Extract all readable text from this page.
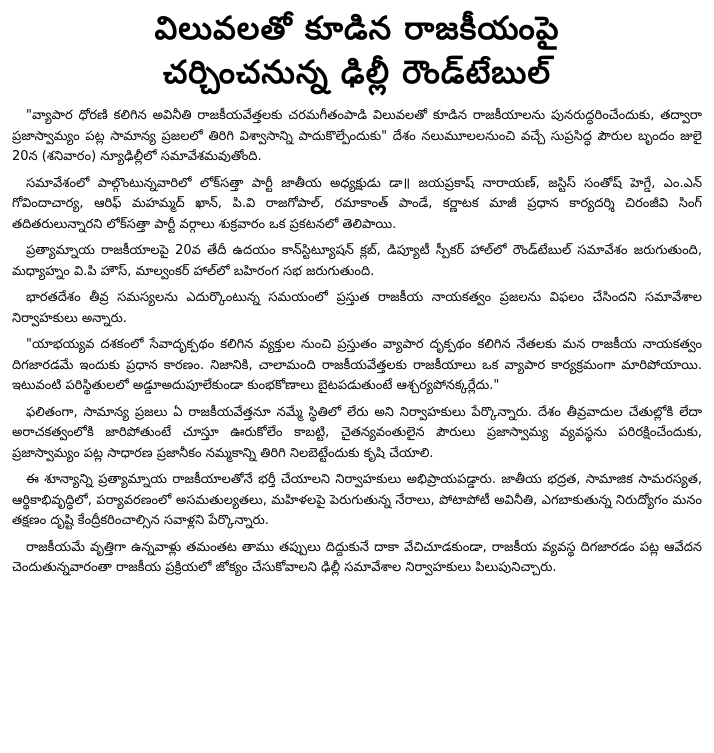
విలువలతో కూడిన రాజకీయంపై
చర్చించనున్న ఢిల్లీ రౌండ్‌టేబుల్

"వ్యాపార ధోరణి కలిగిన అవినీతి రాజకీయవేత్తలకు చరమగీతంపాడి విలువలతో కూడిన రాజకీయాలను పునరుద్ధరించేందుకు, తద్వారా ప్రజాస్వామ్యం పట్ల సామాన్య ప్రజలలో తిరిగి విశ్వాసాన్ని పాదుకొల్పేందుకు" దేశం నలుమూలలనుంచి వచ్చే సుప్రసిద్ధ పౌరుల బృందం జులై 20న (శనివారం) న్యూఢిల్లీలో సమావేశమవుతోంది.

సమావేశంలో పాల్గొంటున్నవారిలో లోక్‌సత్తా పార్టీ జాతీయ అధ్యక్షుడు డా॥ జయప్రకాష్ నారాయణ్, జస్టిస్ సంతోష్ హెగ్డే, ఎం.ఎన్ గోవిందాచార్య, ఆరిఫ్ మహమ్మద్ ఖాన్, పి.వి రాజగోపాల్, రమాకాంత్ పాండే, కర్ణాటక మాజీ ప్రధాన కార్యదర్శి చిరంజీవి సింగ్ తదితరులున్నారని లోక్‌సత్తా పార్టీ వర్గాలు శుక్రవారం ఒక ప్రకటనలో తెలిపాయి.

ప్రత్యామ్నాయ రాజకీయాలపై 20వ తేదీ ఉదయం కాన్‌స్టిట్యూషన్ క్లబ్, డిప్యూటీ స్పీకర్ హాల్‌లో రౌండ్‌టేబుల్ సమావేశం జరుగుతుంది, మధ్యాహ్నం వి.పి హౌస్, మాల్వంకర్ హాల్‌లో బహిరంగ సభ జరుగుతుంది.

భారతదేశం తీవ్ర సమస్యలను ఎదుర్కొంటున్న సమయంలో ప్రస్తుత రాజకీయ నాయకత్వం ప్రజలను విఫలం చేసిందని సమావేశాల నిర్వాహకులు అన్నారు.

"యాభయ్యవ దశకంలో సేవాదృక్పథం కలిగిన వ్యక్తుల నుంచి ప్రస్తుతం వ్యాపార దృక్పథం కలిగిన నేతలకు మన రాజకీయ నాయకత్వం దిగజారడమే ఇందుకు ప్రధాన కారణం. నిజానికి, చాలామంది రాజకీయవేత్తలకు రాజకీయాలు ఒక వ్యాపార కార్యక్రమంగా మారిపోయాయి. ఇటువంటి పరిస్థితులలో అడ్డూఅదుపూలేకుండా కుంభకోణాలు బైటపడుతుంటే ఆశ్చర్యపోనక్కర్లేదు."

ఫలితంగా, సామాన్య ప్రజలు ఏ రాజకీయవేత్తనూ నమ్మే స్థితిలో లేరు అని నిర్వాహకులు పేర్కొన్నారు. దేశం తీవ్రవాదుల చేతుల్లోకి లేదా అరాచకత్వంలోకి జారిపోతుంటే చూస్తూ ఊరుకోలేం కాబట్టి, చైతన్యవంతులైన పౌరులు ప్రజాస్వామ్య వ్యవస్థను పరిరక్షించేందుకు, ప్రజాస్వామ్యం పట్ల సాధారణ ప్రజానీకం నమ్మకాన్ని తిరిగి నిలబెట్టేందుకు కృషి చేయాలి.

ఈ శూన్యాన్ని ప్రత్యామ్నాయ రాజకీయాలతోనే భర్తీ చేయాలని నిర్వాహకులు అభిప్రాయపడ్డారు. జాతీయ భద్రత, సామాజిక సామరస్యత, ఆర్థికాభివృద్ధిలో, పర్యావరణంలో అసమతుల్యతలు, మహిళలపై పెరుగుతున్న నేరాలు, పోటాపోటీ అవినీతి, ఎగబాకుతున్న నిరుద్యోగం మనం తక్షణం దృష్టి కేంద్రీకరించాల్సిన సవాళ్లని పేర్కొన్నారు.

రాజకీయమే వృత్తిగా ఉన్నవాళ్లు తమంతట తాము తప్పులు దిద్దుకునే దాకా వేచిచూడకుండా, రాజకీయ వ్యవస్థ దిగజారడం పట్ల ఆవేదన చెందుతున్నవారంతా రాజకీయ ప్రక్రియలో జోక్యం చేసుకోవాలని ఢిల్లీ సమావేశాల నిర్వాహకులు పిలుపునిచ్చారు.
